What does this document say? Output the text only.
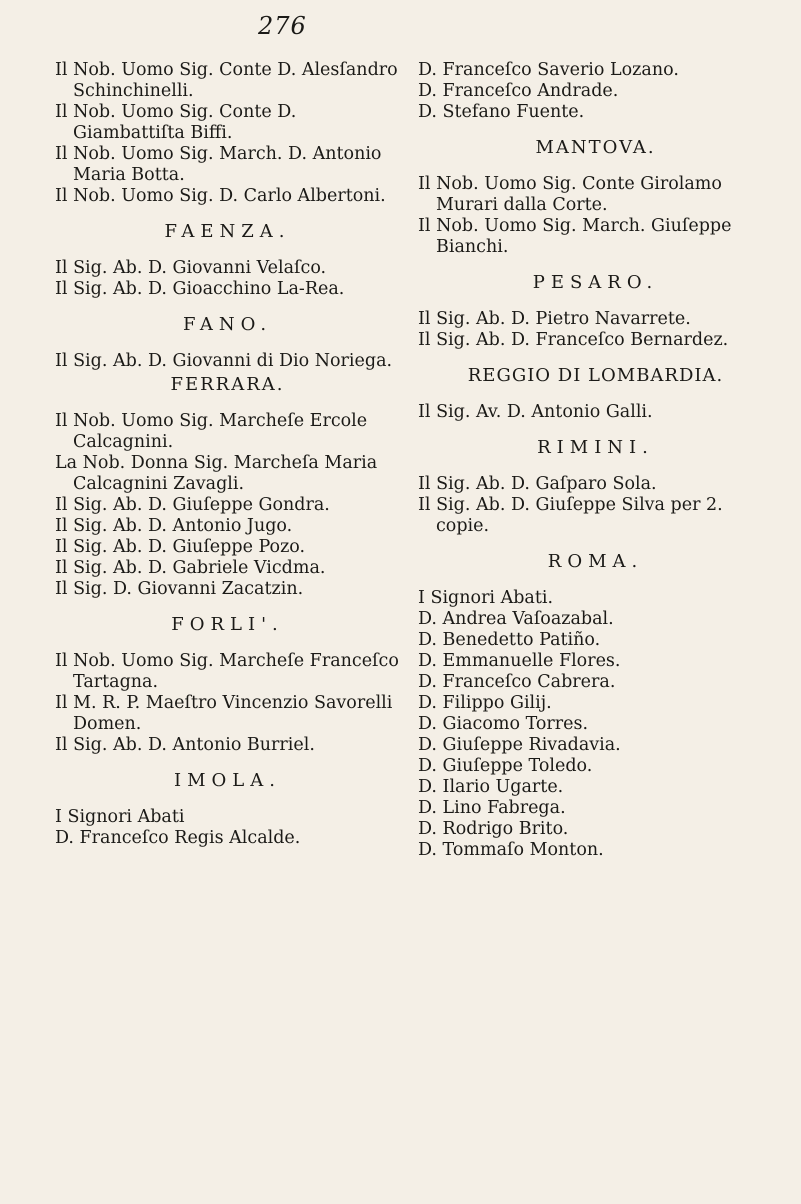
276

Il Nob. Uomo Sig. Conte D. Alesſandro Schinchinelli.

Il Nob. Uomo Sig. Conte D. Giambattiſta Biffi.

Il Nob. Uomo Sig. March. D. Antonio Maria Botta.

Il Nob. Uomo Sig. D. Carlo Albertoni.

FAENZA.

Il Sig. Ab. D. Giovanni Velaſco.

Il Sig. Ab. D. Gioacchino La-Rea.

FANO.

Il Sig. Ab. D. Giovanni di Dio Noriega.

FERRARA.

Il Nob. Uomo Sig. Marcheſe Ercole Calcagnini.

La Nob. Donna Sig. Marcheſa Maria Calcagnini Zavagli.

Il Sig. Ab. D. Giuſeppe Gondra.

Il Sig. Ab. D. Antonio Jugo.

Il Sig. Ab. D. Giuſeppe Pozo.

Il Sig. Ab. D. Gabriele Vicdma.

Il Sig. D. Giovanni Zacatzin.

FORLI'.

Il Nob. Uomo Sig. Marcheſe Franceſco Tartagna.

Il M. R. P. Maeſtro Vincenzio Savorelli Domen.

Il Sig. Ab. D. Antonio Burriel.

IMOLA.

I Signori Abati

D. Franceſco Regis Alcalde.

D. Franceſco Saverio Lozano.

D. Franceſco Andrade.

D. Stefano Fuente.

MANTOVA.

Il Nob. Uomo Sig. Conte Girolamo Murari dalla Corte.

Il Nob. Uomo Sig. March. Giuſeppe Bianchi.

PESARO.

Il Sig. Ab. D. Pietro Navarrete.

Il Sig. Ab. D. Franceſco Bernardez.

REGGIO DI LOMBARDIA.

Il Sig. Av. D. Antonio Galli.

RIMINI.

Il Sig. Ab. D. Gaſparo Sola.

Il Sig. Ab. D. Giuſeppe Silva per 2. copie.

ROMA.

I Signori Abati.

D. Andrea Vaſoazabal.

D. Benedetto Patiño.

D. Emmanuelle Flores.

D. Franceſco Cabrera.

D. Filippo Gilij.

D. Giacomo Torres.

D. Giuſeppe Rivadavia.

D. Giuſeppe Toledo.

D. Ilario Ugarte.

D. Lino Fabrega.

D. Rodrigo Brito.

D. Tommaſo Monton.
